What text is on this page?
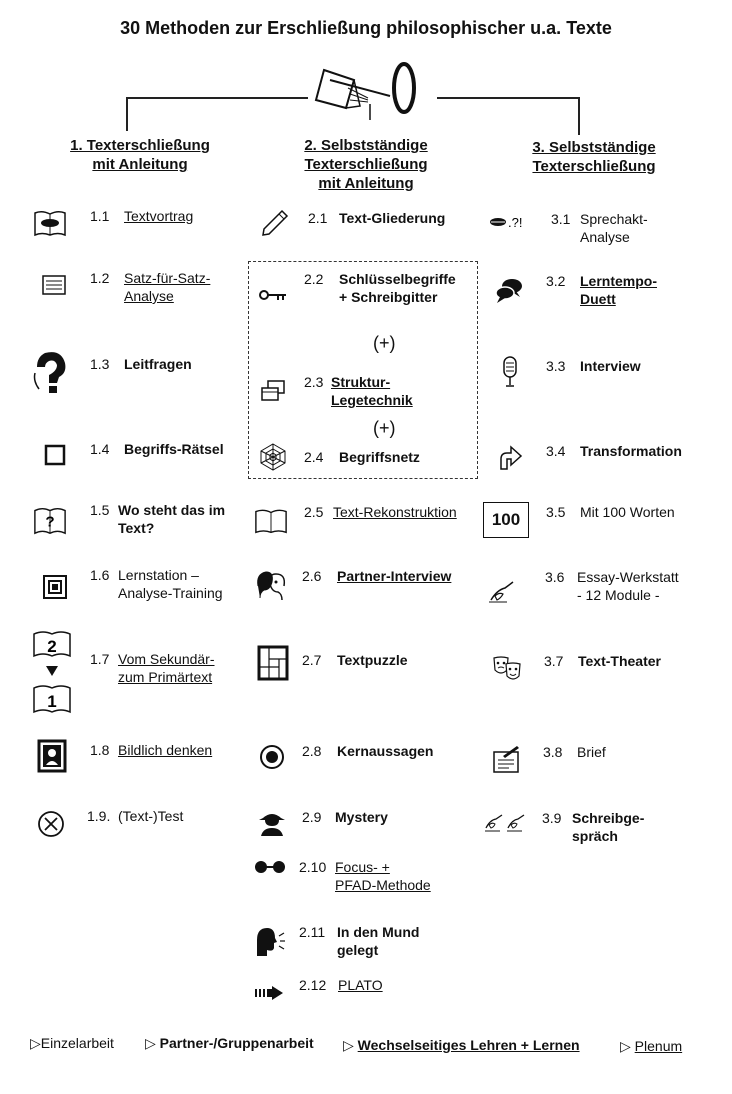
30 Methoden zur Erschließung philosophischer u.a. Texte
1. Texterschließung
mit Anleitung
2. Selbstständige
Texterschließung
mit Anleitung
3. Selbstständige
Texterschließung
(+)
(+)
1.1 Textvortrag
1.2 Satz-für-Satz-
Analyse
1.3 Leitfragen
1.4 Begriffs-Rätsel
?
1.5 Wo steht das im
Text?
1.6 Lernstation –
Analyse-Training
2
1
1.7 Vom Sekundär-
zum Primärtext
1.8 Bildlich denken
1.9. (Text-)Test
2.1 Text-Gliederung
2.2 Schlüsselbegriffe
+ Schreibgitter
2.3 Struktur-
Legetechnik
2.4 Begriffsnetz
2.5 Text-Rekonstruktion
2.6 Partner-Interview
2.7 Textpuzzle
2.8 Kernaussagen
2.9 Mystery
2.10 Focus- +
PFAD-Methode
2.11 In den Mund
gelegt
2.12 PLATO
.?! 3.1 Sprechakt-
Analyse
3.2 Lerntempo-
Duett
3.3 Interview
3.4 Transformation
100	3.5 Mit 100 Worten
3.6 Essay-Werkstatt
- 12 Module -
3.7 Text-Theater
3.8 Brief
3.9 Schreibge-
spräch
▷Einzelarbeit ▷ Partner-/Gruppenarbeit ▷ Wechselseitiges Lehren + Lernen	▷ Plenum
